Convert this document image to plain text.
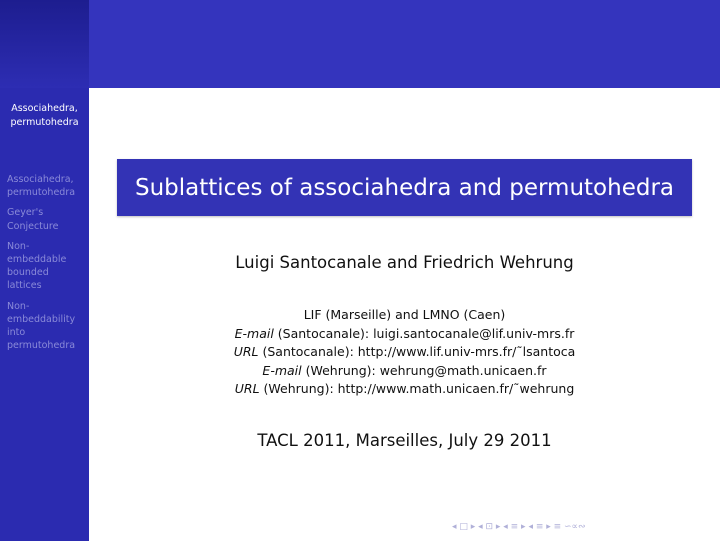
Associahedra,
permutohedra
Associahedra,
permutohedra
Geyer's
Conjecture
Non-
embeddable
bounded
lattices
Non-
embeddability
into
permutohedra
Sublattices of associahedra and permutohedra
Luigi Santocanale and Friedrich Wehrung
LIF (Marseille) and LMNO (Caen)
E-mail (Santocanale): luigi.santocanale@lif.univ-mrs.fr
URL (Santocanale): http://www.lif.univ-mrs.fr/˜lsantoca
E-mail (Wehrung): wehrung@math.unicaen.fr
URL (Wehrung): http://www.math.unicaen.fr/˜wehrung
TACL 2011, Marseilles, July 29 2011
◂ □ ▸ ◂ ⊡ ▸ ◂ ≡ ▸ ◂ ≡ ▸ ≡ ∽∝∾
